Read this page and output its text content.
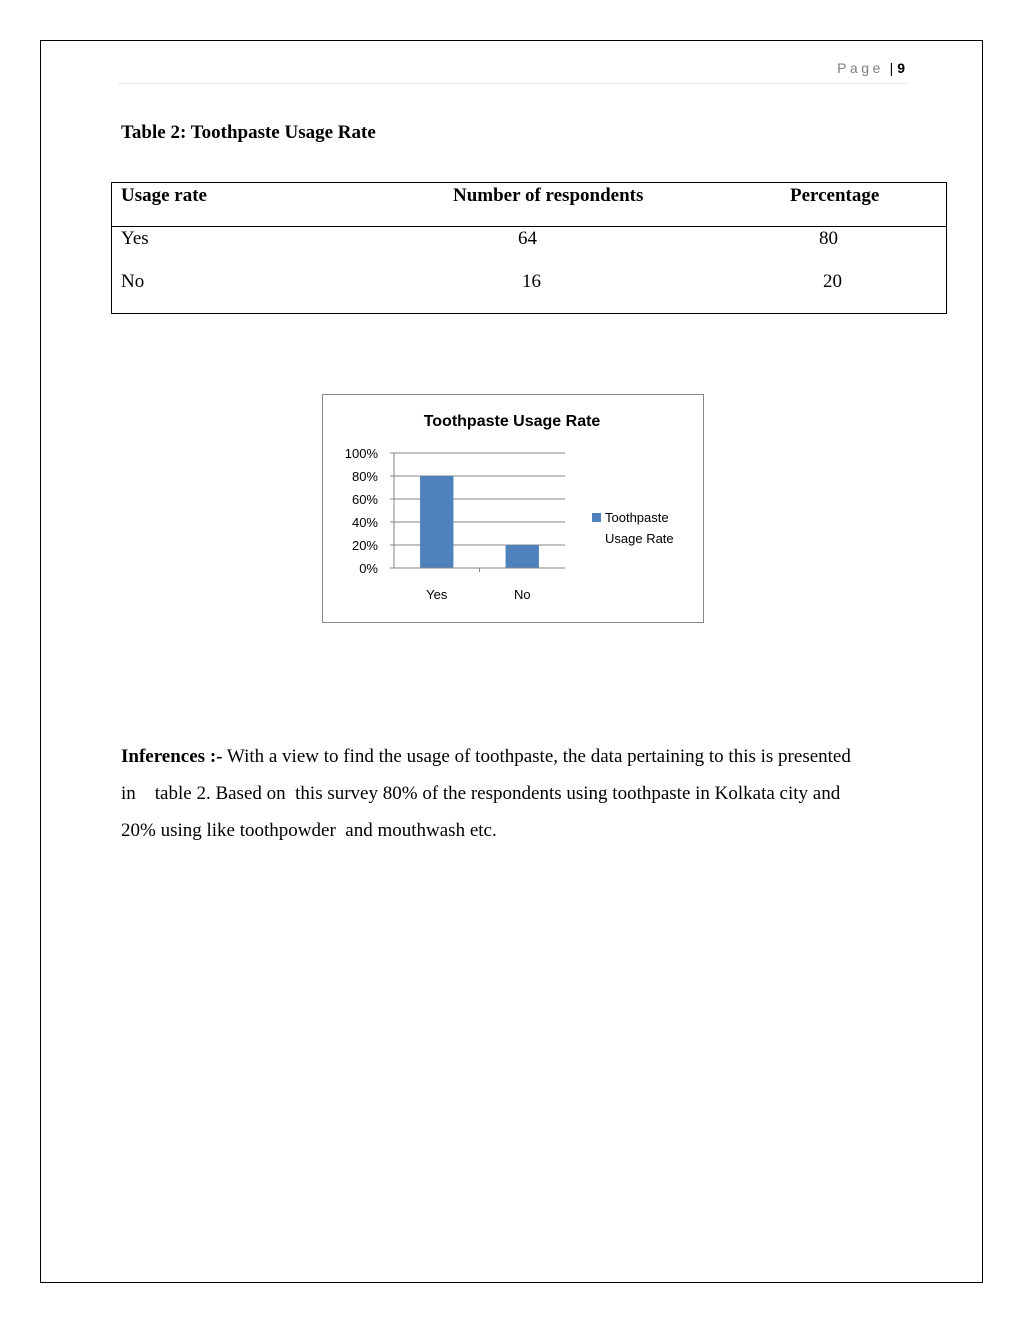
Page | 9

Table 2: Toothpaste Usage Rate

Usage rate	Number of respondents	Percentage
Yes	64	80
No	16	20
Toothpaste Usage Rate
0%
20%
40%
60%
80%
100%
Yes	No
Toothpaste
Usage Rate

Inferences :- With a view to find the usage of toothpaste, the data pertaining to this is presented
in    table 2. Based on  this survey 80% of the respondents using toothpaste in Kolkata city and
20% using like toothpowder  and mouthwash etc.
